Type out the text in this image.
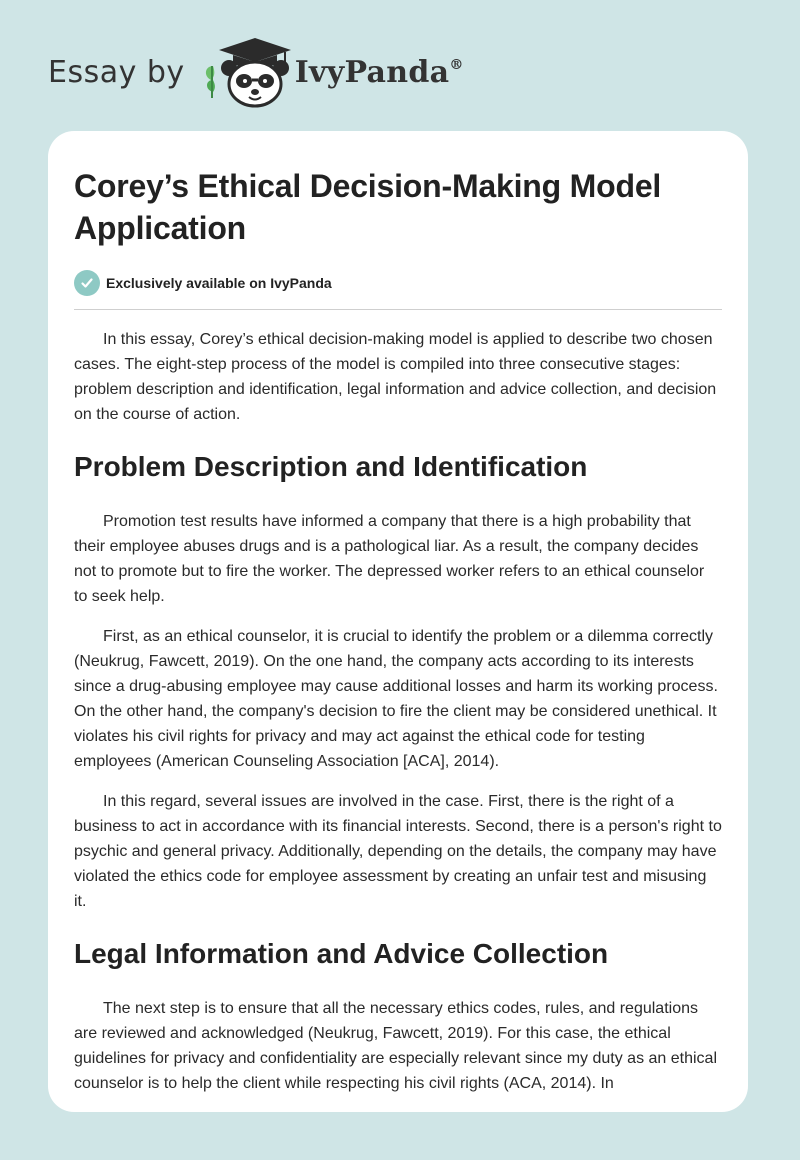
Essay by	IvyPanda®
Corey’s Ethical Decision-Making Model Application
Exclusively available on IvyPanda

In this essay, Corey’s ethical decision-making model is applied to describe two chosen cases. The eight-step process of the model is compiled into three consecutive stages: problem description and identification, legal information and advice collection, and decision on the course of action.

Problem Description and Identification

Promotion test results have informed a company that there is a high probability that their employee abuses drugs and is a pathological liar. As a result, the company decides not to promote but to fire the worker. The depressed worker refers to an ethical counselor to seek help.

First, as an ethical counselor, it is crucial to identify the problem or a dilemma correctly (Neukrug, Fawcett, 2019). On the one hand, the company acts according to its interests since a drug-abusing employee may cause additional losses and harm its working process. On the other hand, the company's decision to fire the client may be considered unethical. It violates his civil rights for privacy and may act against the ethical code for testing employees (American Counseling Association [ACA], 2014).

In this regard, several issues are involved in the case. First, there is the right of a business to act in accordance with its financial interests. Second, there is a person's right to psychic and general privacy. Additionally, depending on the details, the company may have violated the ethics code for employee assessment by creating an unfair test and misusing it.

Legal Information and Advice Collection

The next step is to ensure that all the necessary ethics codes, rules, and regulations are reviewed and acknowledged (Neukrug, Fawcett, 2019). For this case, the ethical guidelines for privacy and confidentiality are especially relevant since my duty as an ethical counselor is to help the client while respecting his civil rights (ACA, 2014). In
